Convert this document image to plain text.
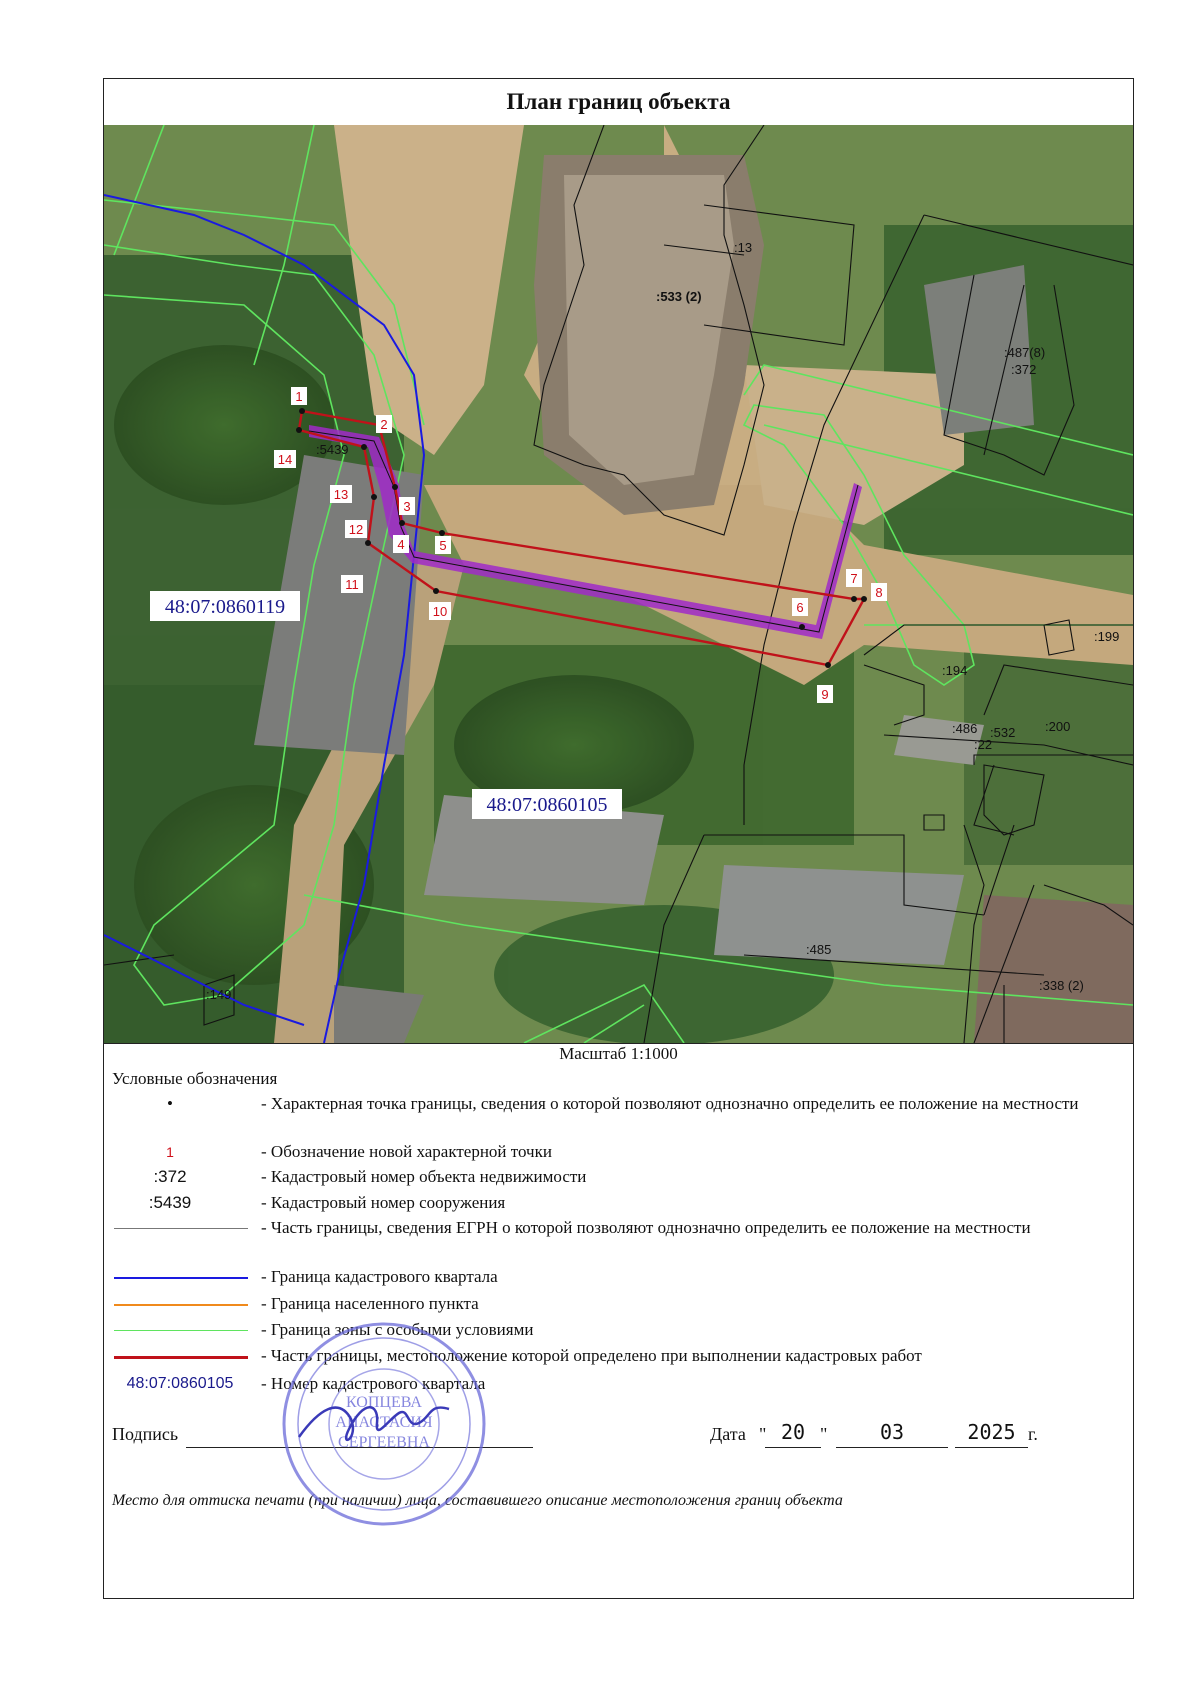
План границ объекта
1
2
3
4	5
6
7
8
9
10
11
12
13
14
:5439
:13
:533 (2)
:487(8)
:372
:199
:194
:486 :532
:22
:200
:485
:149
:338 (2)
48:07:0860119
48:07:0860105
Масштаб 1:1000
Условные обозначения
•	- Характерная точка границы, сведения о которой позволяют однозначно определить ее положение на местности
1	- Обозначение новой характерной точки
:372	- Кадастровый номер объекта недвижимости
:5439	- Кадастровый номер сооружения
- Часть границы, сведения ЕГРН о которой позволяют однозначно определить ее положение на местности
- Граница кадастрового квартала
- Граница населенного пункта
- Граница зоны с особыми условиями
- Часть границы, местоположение которой определено при выполнении кадастровых работ
48:07:0860105	- Номер кадастрового квартала
Подпись	Дата " 20 "	03	2025 г.
Место для оттиска печати (при наличии) лица, составившего описание местоположения границ объекта
КОПЦЕВА
АНАСТАСИЯ
СЕРГЕЕВНА
